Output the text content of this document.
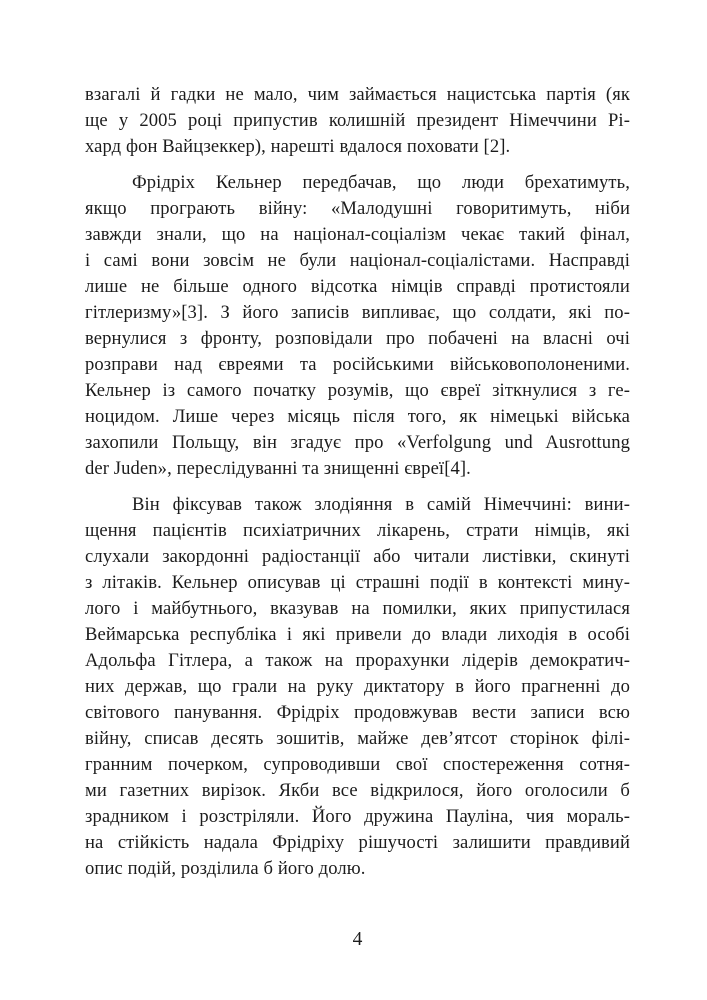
взагалі й гадки не мало, чим займається нацистська партія (як
ще у 2005 році припустив колишній президент Німеччини Рі-
хард фон Вайцзеккер), нарешті вдалося поховати [2].
Фрідріх Кельнер передбачав, що люди брехатимуть,
якщо програють війну: «Малодушні говоритимуть, ніби
завжди знали, що на націонал-соціалізм чекає такий фінал,
і самі вони зовсім не були націонал-соціалістами. Насправді
лише не більше одного відсотка німців справді протистояли
гітлеризму»[3]. З його записів випливає, що солдати, які по-
вернулися з фронту, розповідали про побачені на власні очі
розправи над євреями та російськими військовополоненими.
Кельнер із самого початку розумів, що євреї зіткнулися з ге-
ноцидом. Лише через місяць після того, як німецькі війська
захопили Польщу, він згадує про «Verfolgung und Ausrottung
der Juden», переслідуванні та знищенні євреї[4].
Він фіксував також злодіяння в самій Німеччині: вини-
щення пацієнтів психіатричних лікарень, страти німців, які
слухали закордонні радіостанції або читали листівки, скинуті
з літаків. Кельнер описував ці страшні події в контексті мину-
лого і майбутнього, вказував на помилки, яких припустилася
Веймарська республіка і які привели до влади лиходія в особі
Адольфа Гітлера, а також на прорахунки лідерів демократич-
них держав, що грали на руку диктатору в його прагненні до
світового панування. Фрідріх продовжував вести записи всю
війну, списав десять зошитів, майже дев’ятсот сторінок філі-
гранним почерком, супроводивши свої спостереження сотня-
ми газетних вирізок. Якби все відкрилося, його оголосили б
зрадником і розстріляли. Його дружина Пауліна, чия мораль-
на стійкість надала Фрідріху рішучості залишити правдивий
опис подій, розділила б його долю.
4
